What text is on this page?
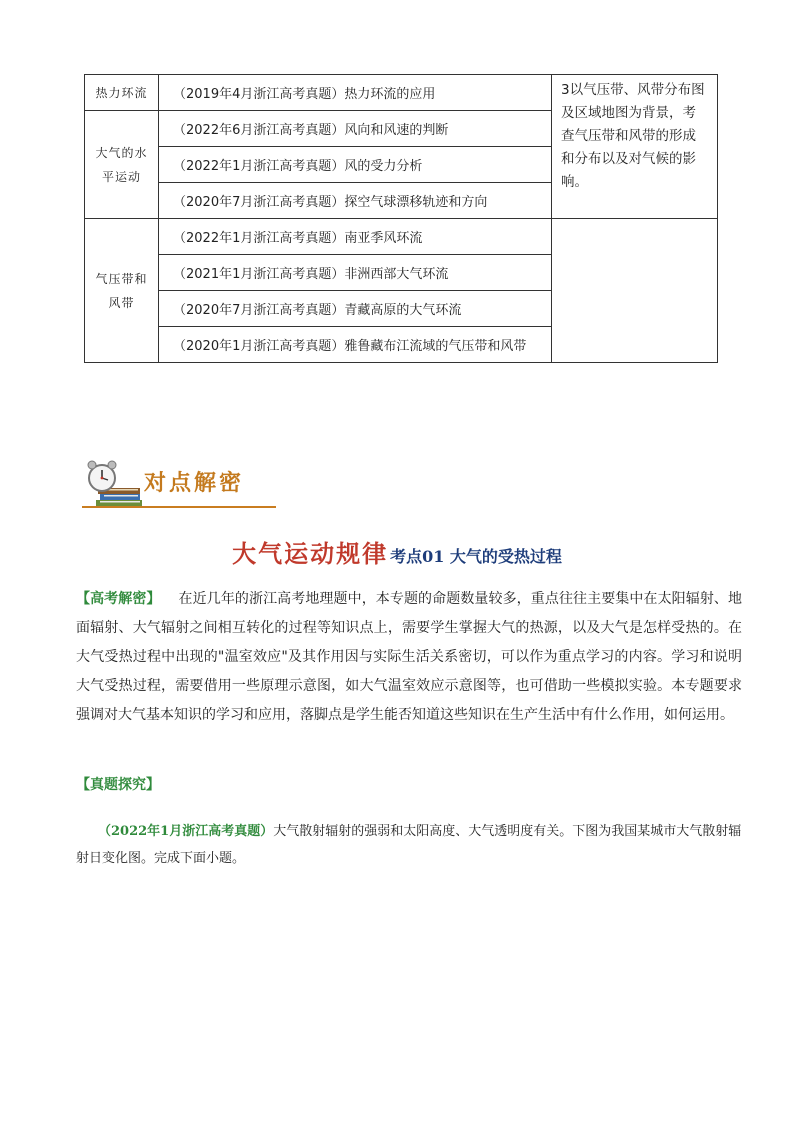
热力环流	（2019年4月浙江高考真题）热力环流的应用	3以气压带、风带分布图及区域地图为背景，考查气压带和风带的形成和分布以及对气候的影响。
大气的水平运动	（2022年6月浙江高考真题）风向和风速的判断	
	（2022年1月浙江高考真题）风的受力分析	
	（2020年7月浙江高考真题）探空气球漂移轨迹和方向	
气压带和风带	（2022年1月浙江高考真题）南亚季风环流	
	（2021年1月浙江高考真题）非洲西部大气环流	
	（2020年7月浙江高考真题）青藏高原的大气环流	
	（2020年1月浙江高考真题）雅鲁藏布江流域的气压带和风带	
对点解密
大气运动规律 考点01 大气的受热过程
【高考解密】 在近几年的浙江高考地理题中，本专题的命题数量较多，重点往往主要集中在太阳辐射、地面辐射、大气辐射之间相互转化的过程等知识点上，需要学生掌握大气的热源，以及大气是怎样受热的。在大气受热过程中出现的"温室效应"及其作用因与实际生活关系密切，可以作为重点学习的内容。学习和说明大气受热过程，需要借用一些原理示意图，如大气温室效应示意图等，也可借助一些模拟实验。本专题要求强调对大气基本知识的学习和应用，落脚点是学生能否知道这些知识在生产生活中有什么作用，如何运用。
【真题探究】
（2022年1月浙江高考真题）大气散射辐射的强弱和太阳高度、大气透明度有关。下图为我国某城市大气散射辐射日变化图。完成下面小题。
